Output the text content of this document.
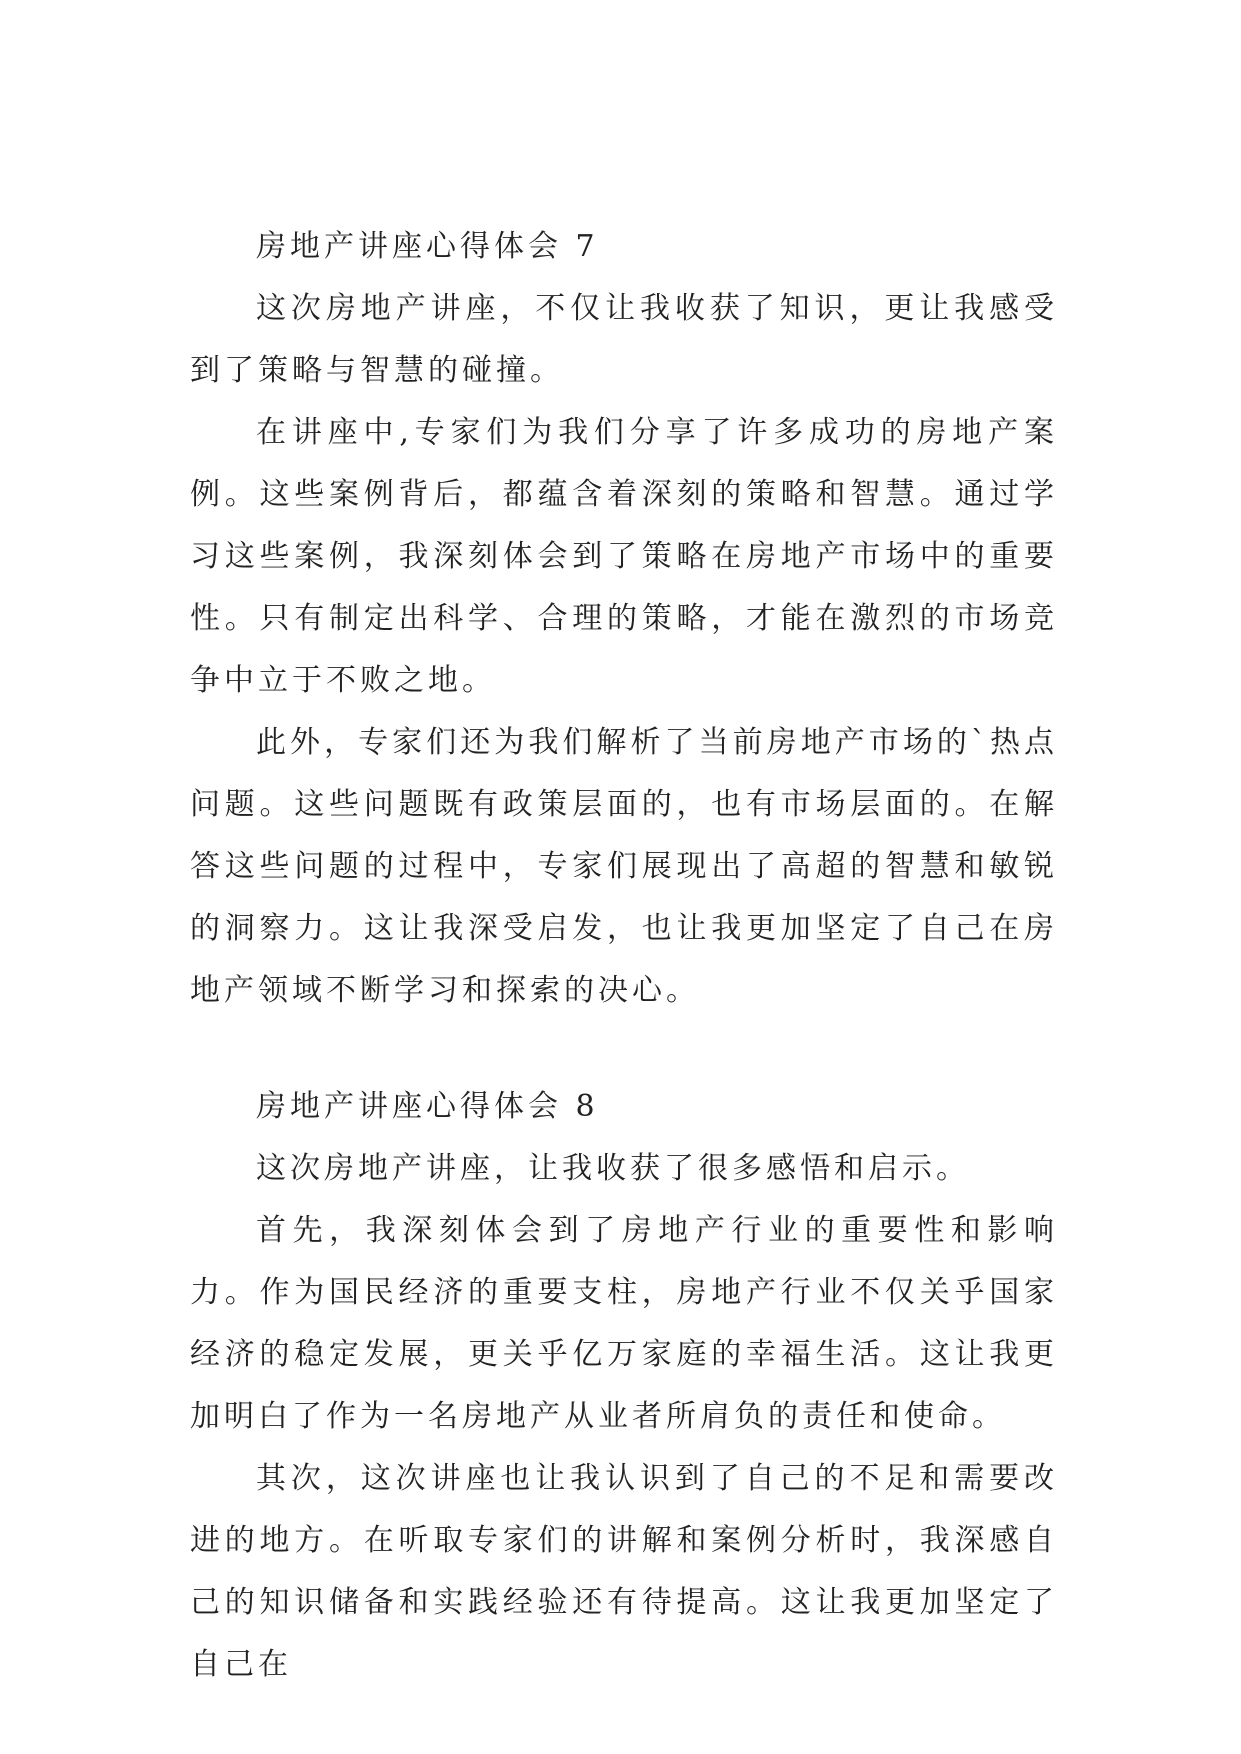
房地产讲座心得体会 7

这次房地产讲座，不仅让我收获了知识，更让我感受到了策略与智慧的碰撞。

在讲座中,专家们为我们分享了许多成功的房地产案例。这些案例背后，都蕴含着深刻的策略和智慧。通过学习这些案例，我深刻体会到了策略在房地产市场中的重要性。只有制定出科学、合理的策略，才能在激烈的市场竞争中立于不败之地。

此外，专家们还为我们解析了当前房地产市场的`热点问题。这些问题既有政策层面的，也有市场层面的。在解答这些问题的过程中，专家们展现出了高超的智慧和敏锐的洞察力。这让我深受启发，也让我更加坚定了自己在房地产领域不断学习和探索的决心。

房地产讲座心得体会 8

这次房地产讲座，让我收获了很多感悟和启示。

首先，我深刻体会到了房地产行业的重要性和影响力。作为国民经济的重要支柱，房地产行业不仅关乎国家经济的稳定发展，更关乎亿万家庭的幸福生活。这让我更加明白了作为一名房地产从业者所肩负的责任和使命。

其次，这次讲座也让我认识到了自己的不足和需要改进的地方。在听取专家们的讲解和案例分析时，我深感自己的知识储备和实践经验还有待提高。这让我更加坚定了自己在
